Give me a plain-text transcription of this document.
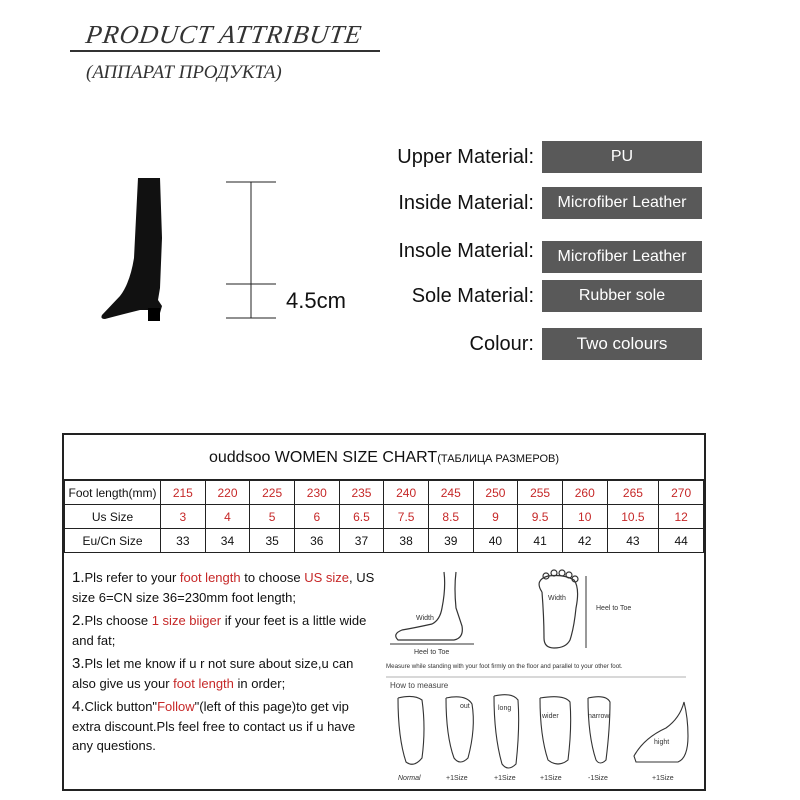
PRODUCT ATTRIBUTE
(АППАРАТ ПРОДУКТА)
4.5cm
Upper Material:	PU
Inside Material:	Microfiber Leather
Insole Material:	Microfiber Leather
Sole Material:	Rubber sole
Colour:	Two colours
ouddsoo WOMEN SIZE CHART(ТАБЛИЦА РАЗМЕРОВ)
Foot length(mm)	215	220	225	230	235	240	245	250	255	260	265	270
Us Size	3	4	5	6	6.5	7.5	8.5	9	9.5	10	10.5	12
Eu/Cn Size	33	34	35	36	37	38	39	40	41	42	43	44

1.Pls refer to your foot length to choose US size, US size 6=CN size 36=230mm foot length;

2.Pls choose 1 size biiger if your feet is a little wide and fat;

3.Pls let me know if u r not sure about size,u can also give us your foot length in order;

4.Click button"Follow"(left of this page)to get vip extra discount.Pls feel free to contact us if u have any questions.

Width
Heel to Toe
Width
Heel to Toe
Measure while standing with your foot firmly on the floor and parallel to your other foot.
How to measure
Normal
out	long
wider	narrow
hight
+1Size	+1Size	+1Size	-1Size	+1Size
